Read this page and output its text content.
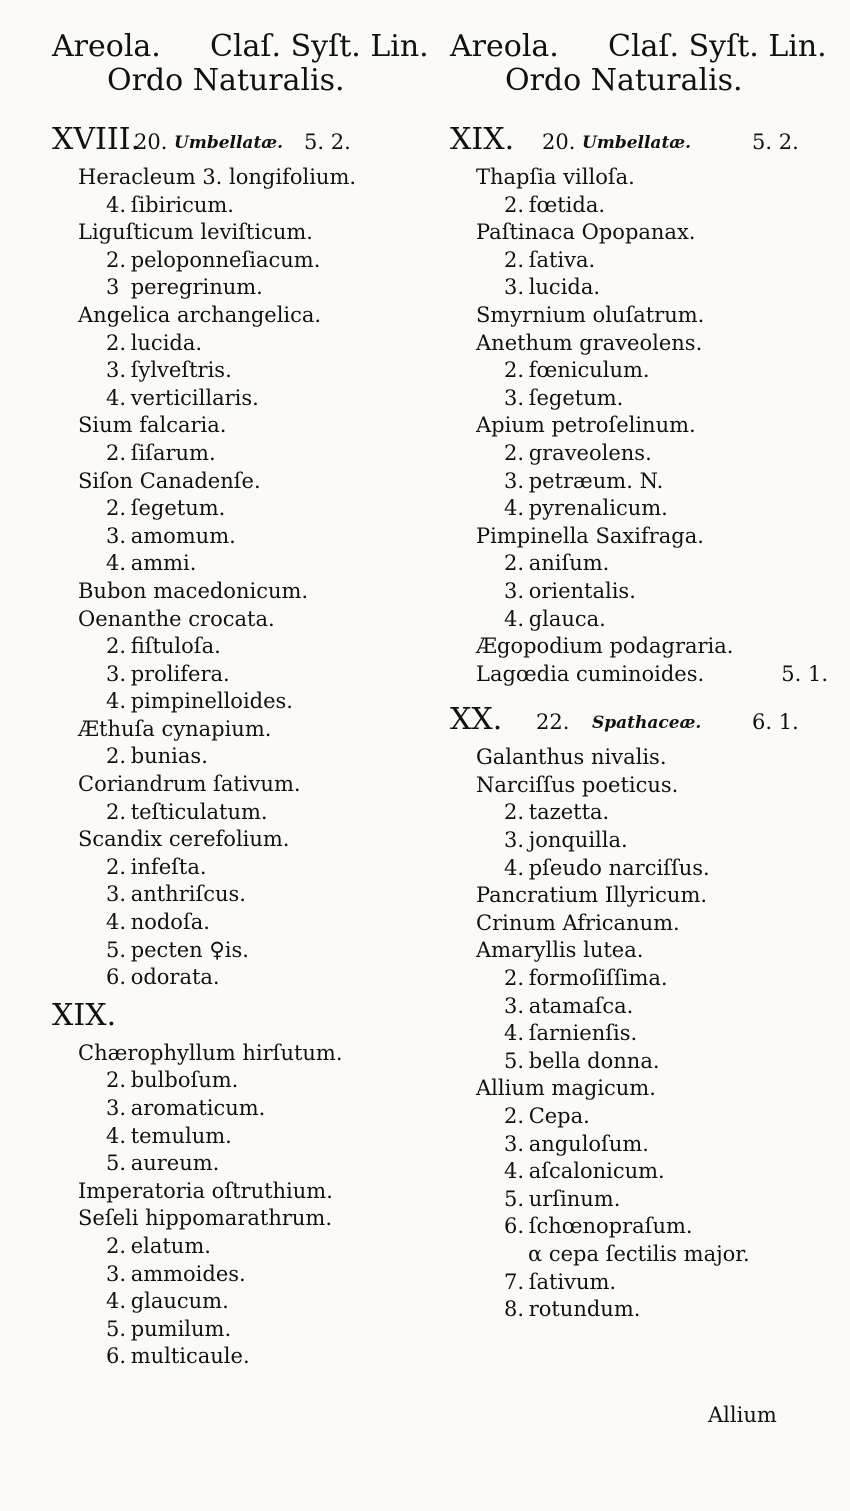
Areola. Claſ. Syſt. Lin.
Ordo Naturalis.
XVIII.
20. Umbellatæ. 5. 2.
Heracleum 3. longifolium.
4. ſibiricum.
Liguſticum leviſticum.
2. peloponneſiacum.
3 peregrinum.
Angelica archangelica.
2. lucida.
3. ſylveſtris.
4. verticillaris.
Sium falcaria.
2. ſiſarum.
Siſon Canadenſe.
2. ſegetum.
3. amomum.
4. ammi.
Bubon macedonicum.
Oenanthe crocata.
2. fiſtuloſa.
3. prolifera.
4. pimpinelloides.
Æthuſa cynapium.
2. bunias.
Coriandrum ſativum.
2. teſticulatum.
Scandix cerefolium.
2. infeſta.
3. anthriſcus.
4. nodoſa.
5. pecten ♀is.
6. odorata.
XIX.
Chærophyllum hirſutum.
2. bulboſum.
3. aromaticum.
4. temulum.
5. aureum.
Imperatoria oſtruthium.
Seſeli hippomarathrum.
2. elatum.
3. ammoides.
4. glaucum.
5. pumilum.
6. multicaule.
Areola. Claſ. Syſt. Lin.
Ordo Naturalis.
XIX. 20. Umbellatæ.	5. 2.
Thapſia villoſa.
2. fœtida.
Paſtinaca Opopanax.
2. ſativa.
3. lucida.
Smyrnium oluſatrum.
Anethum graveolens.
2. fœniculum.
3. ſegetum.
Apium petroſelinum.
2. graveolens.
3. petræum. N.
4. pyrenalicum.
Pimpinella Saxifraga.
2. aniſum.
3. orientalis.
4. glauca.
Ægopodium podagraria.
Lagœdia cuminoides.	5. 1.
XX. 22. Spathaceæ. 6. 1.
Galanthus nivalis.
Narciſſus poeticus.
2. tazetta.
3. jonquilla.
4. pſeudo narciſſus.
Pancratium Illyricum.
Crinum Africanum.
Amaryllis lutea.
2. formoſiſſima.
3. atamaſca.
4. ſarnienſis.
5. bella donna.
Allium magicum.
2. Cepa.
3. anguloſum.
4. aſcalonicum.
5. urſinum.
6. ſchœnopraſum.
α cepa ſectilis major.
7. ſativum.
8. rotundum.
Allium
